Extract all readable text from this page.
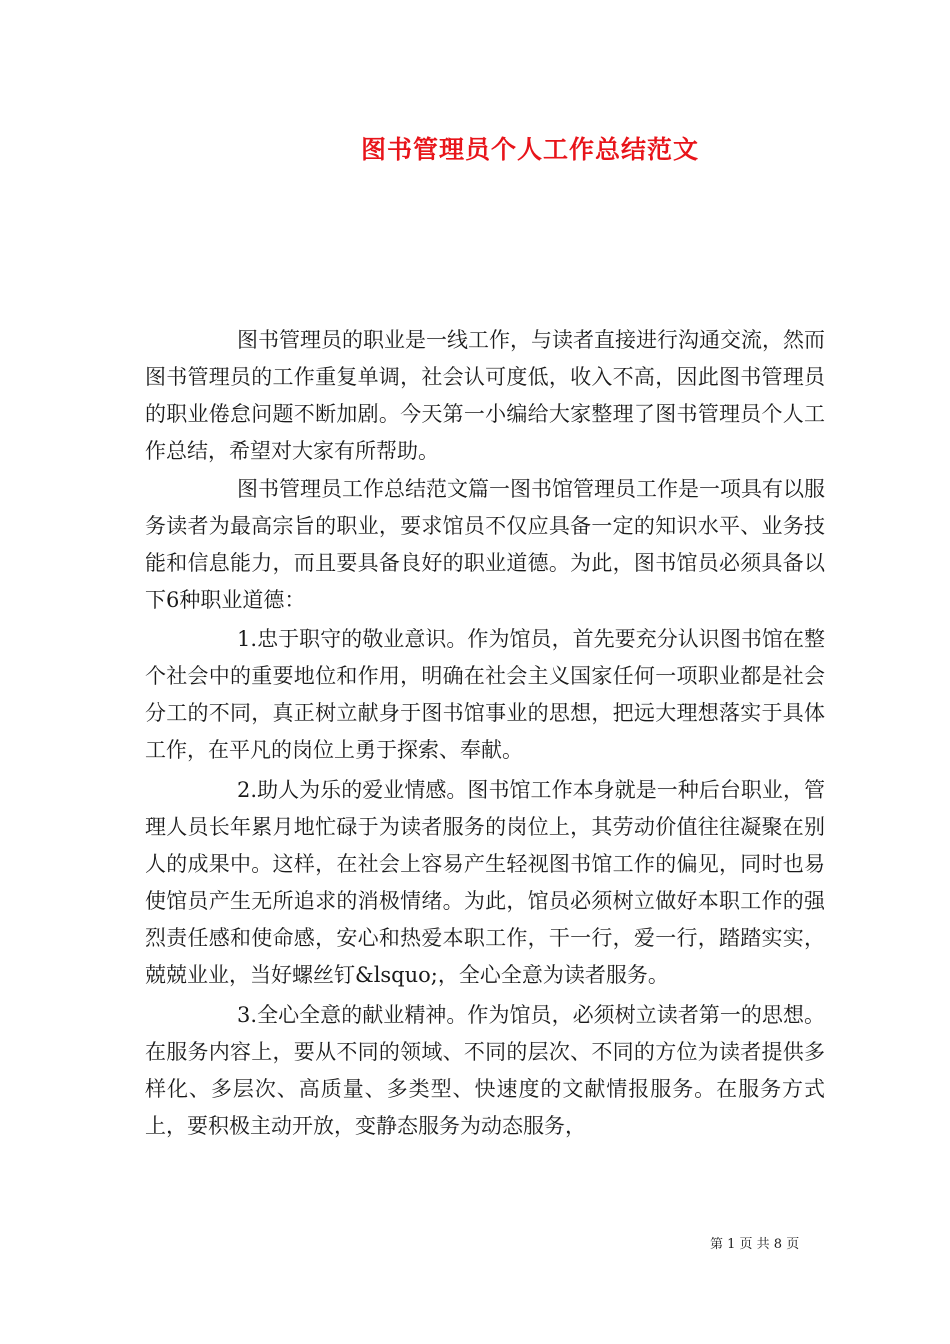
图书管理员个人工作总结范文

图书管理员的职业是一线工作，与读者直接进行沟通交流，然而图书管理员的工作重复单调，社会认可度低，收入不高，因此图书管理员的职业倦怠问题不断加剧。今天第一小编给大家整理了图书管理员个人工作总结，希望对大家有所帮助。

图书管理员工作总结范文篇一图书馆管理员工作是一项具有以服务读者为最高宗旨的职业，要求馆员不仅应具备一定的知识水平、业务技能和信息能力，而且要具备良好的职业道德。为此，图书馆员必须具备以下6种职业道德：

1.忠于职守的敬业意识。作为馆员，首先要充分认识图书馆在整个社会中的重要地位和作用，明确在社会主义国家任何一项职业都是社会分工的不同，真正树立献身于图书馆事业的思想，把远大理想落实于具体工作，在平凡的岗位上勇于探索、奉献。

2.助人为乐的爱业情感。图书馆工作本身就是一种后台职业，管理人员长年累月地忙碌于为读者服务的岗位上，其劳动价值往往凝聚在别人的成果中。这样，在社会上容易产生轻视图书馆工作的偏见，同时也易使馆员产生无所追求的消极情绪。为此，馆员必须树立做好本职工作的强烈责任感和使命感，安心和热爱本职工作，干一行，爱一行，踏踏实实，兢兢业业，当好螺丝钉&lsquo;，全心全意为读者服务。

3.全心全意的献业精神。作为馆员，必须树立读者第一的思想。在服务内容上，要从不同的领域、不同的层次、不同的方位为读者提供多样化、多层次、高质量、多类型、快速度的文献情报服务。在服务方式上，要积极主动开放，变静态服务为动态服务，

第 1 页 共 8 页
